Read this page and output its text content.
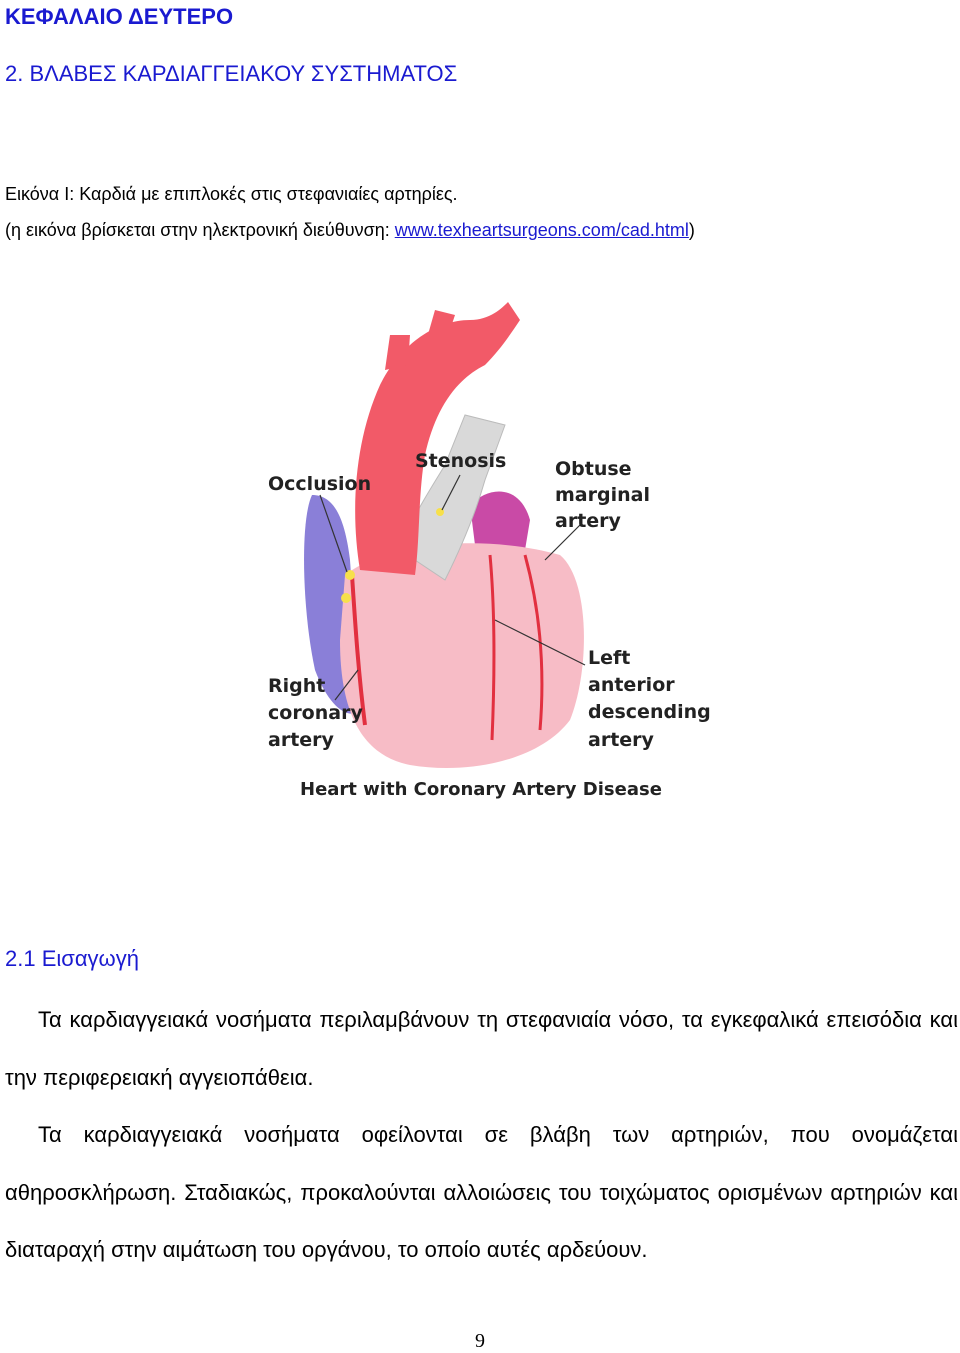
ΚΕΦΑΛΑΙΟ ΔΕΥΤΕΡΟ
2. ΒΛΑΒΕΣ ΚΑΡΔΙΑΓΓΕΙΑΚΟΥ ΣΥΣΤΗΜΑΤΟΣ
Εικόνα Ι: Καρδιά με επιπλοκές στις στεφανιαίες αρτηρίες.
(η εικόνα βρίσκεται στην ηλεκτρονική διεύθυνση: www.texheartsurgeons.com/cad.html)
Occlusion
Stenosis	Obtuse
marginal
artery
Left
anterior
descending
artery
Right
coronary
artery
Heart with Coronary Artery Disease
2.1 Εισαγωγή

Τα καρδιαγγειακά νοσήματα περιλαμβάνουν τη στεφανιαία νόσο, τα εγκεφαλικά επεισόδια και την περιφερειακή αγγειοπάθεια.

Τα καρδιαγγειακά νοσήματα οφείλονται σε βλάβη των αρτηριών, που ονομάζεται αθηροσκλήρωση. Σταδιακώς, προκαλούνται αλλοιώσεις του τοιχώματος ορισμένων αρτηριών και διαταραχή στην αιμάτωση του οργάνου, το οποίο αυτές αρδεύουν.

9
